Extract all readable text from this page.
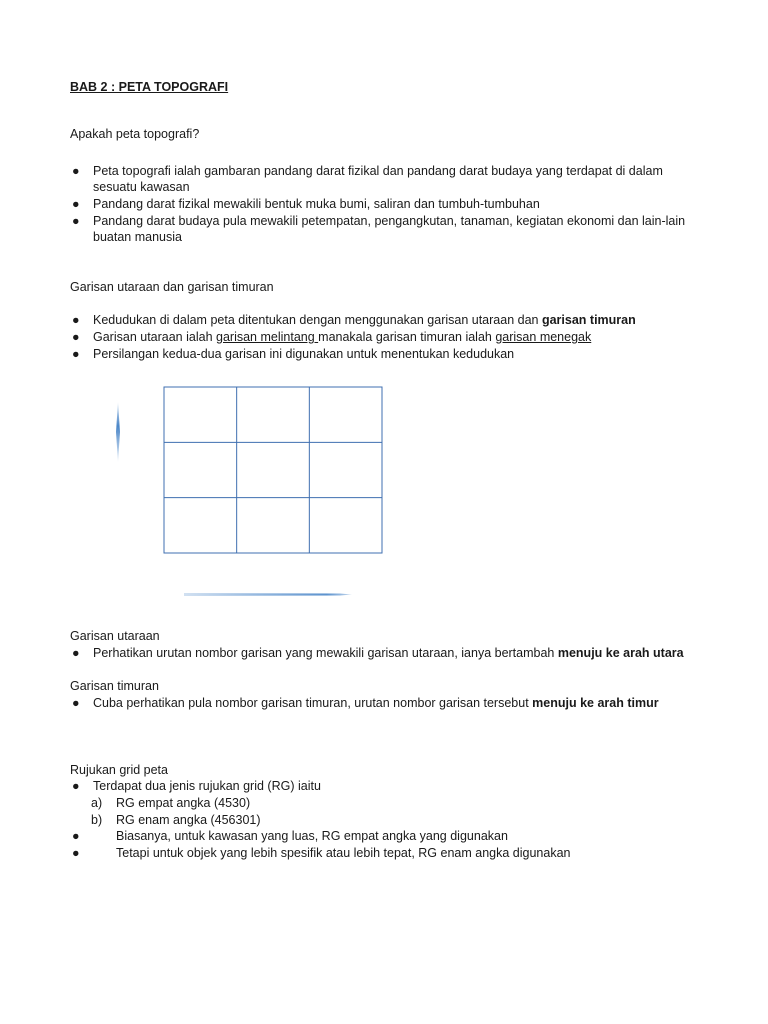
BAB 2 : PETA TOPOGRAFI
Apakah peta topografi?
● Peta topografi ialah gambaran pandang darat fizikal dan pandang darat budaya yang terdapat di dalam sesuatu kawasan
● Pandang darat fizikal mewakili bentuk muka bumi, saliran dan tumbuh-tumbuhan
● Pandang darat budaya pula mewakili petempatan, pengangkutan, tanaman, kegiatan ekonomi dan lain-lain buatan manusia
Garisan utaraan dan garisan timuran
● Kedudukan di dalam peta ditentukan dengan menggunakan garisan utaraan dan garisan timuran
● Garisan utaraan ialah garisan melintang manakala garisan timuran ialah garisan menegak
● Persilangan kedua-dua garisan ini digunakan untuk menentukan kedudukan
Garisan utaraan
● Perhatikan urutan nombor garisan yang mewakili garisan utaraan, ianya bertambah menuju ke arah utara
Garisan timuran
● Cuba perhatikan pula nombor garisan timuran, urutan nombor garisan tersebut menuju ke arah timur
Rujukan grid peta
● Terdapat dua jenis rujukan grid (RG) iaitu
a) RG empat angka (4530)
b) RG enam angka (456301)
●	Biasanya, untuk kawasan yang luas, RG empat angka yang digunakan
●	Tetapi untuk objek yang lebih spesifik atau lebih tepat, RG enam angka digunakan
